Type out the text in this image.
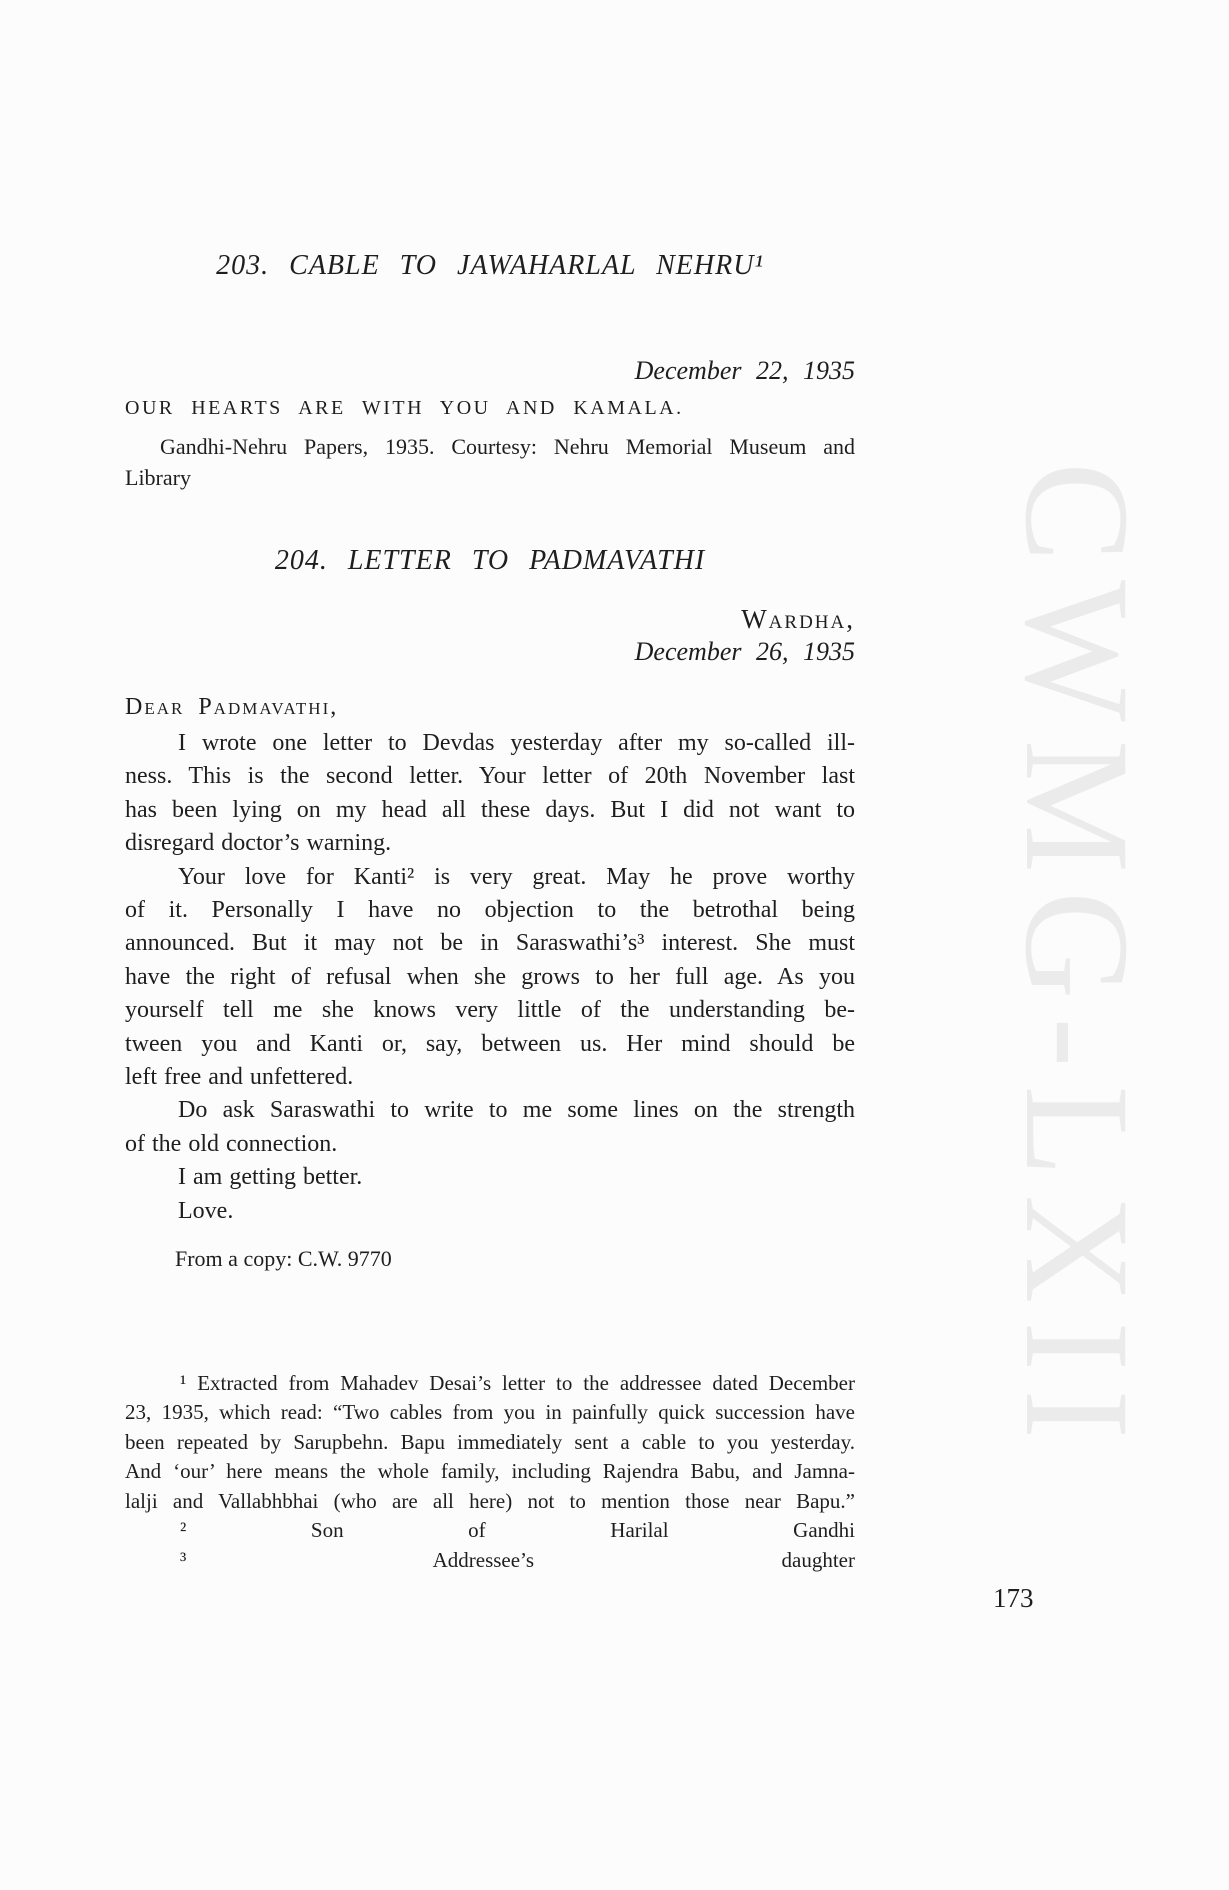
CWMG-LXII
203. CABLE TO JAWAHARLAL NEHRU¹
December 22, 1935
OUR HEARTS ARE WITH YOU AND KAMALA.
Gandhi-Nehru Papers, 1935. Courtesy: Nehru Memorial Museum and
Library
204. LETTER TO PADMAVATHI
Wardha,
December 26, 1935
Dear Padmavathi,
I wrote one letter to Devdas yesterday after my so-called ill-
ness. This is the second letter. Your letter of 20th November last
has been lying on my head all these days. But I did not want to
disregard doctor’s warning.
Your love for Kanti² is very great. May he prove worthy
of it. Personally I have no objection to the betrothal being
announced. But it may not be in Saraswathi’s³ interest. She must
have the right of refusal when she grows to her full age. As you
yourself tell me she knows very little of the understanding be-
tween you and Kanti or, say, between us. Her mind should be
left free and unfettered.
Do ask Saraswathi to write to me some lines on the strength
of the old connection.
I am getting better.
Love.
From a copy: C.W. 9770
¹ Extracted from Mahadev Desai’s letter to the addressee dated December
23, 1935, which read: “Two cables from you in painfully quick succession have
been repeated by Sarupbehn. Bapu immediately sent a cable to you yesterday.
And ‘our’ here means the whole family, including Rajendra Babu, and Jamna-
lalji and Vallabhbhai (who are all here) not to mention those near Bapu.”
² Son of Harilal Gandhi
³ Addressee’s daughter
173
